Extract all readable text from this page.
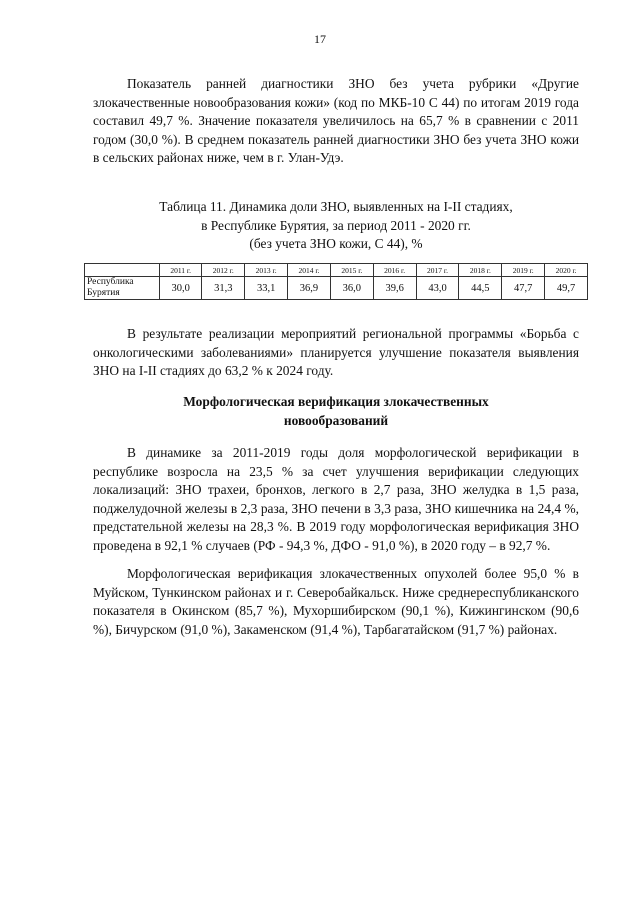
17

Показатель ранней диагностики ЗНО без учета рубрики «Другие злокачественные новообразования кожи» (код по МКБ-10 С 44) по итогам 2019 года составил 49,7 %. Значение показателя увеличилось на 65,7 % в сравнении с 2011 годом (30,0 %). В среднем показатель ранней диагностики ЗНО без учета ЗНО кожи в сельских районах ниже, чем в г. Улан-Удэ.

Таблица 11. Динамика доли ЗНО, выявленных на I-II стадиях,
в Республике Бурятия, за период 2011 - 2020 гг.
(без учета ЗНО кожи, С 44), %
	2011 г.	2012 г.	2013 г.	2014 г.	2015 г.	2016 г.	2017 г.	2018 г.	2019 г.	2020 г.
Республика Бурятия	30,0	31,3	33,1	36,9	36,0	39,6	43,0	44,5	47,7	49,7

В результате реализации мероприятий региональной программы «Борьба с онкологическими заболеваниями» планируется улучшение показателя выявления ЗНО на I-II стадиях до 63,2 % к 2024 году.

Морфологическая верификация злокачественных
новообразований

В динамике за 2011-2019 годы доля морфологической верификации в республике возросла на 23,5 % за счет улучшения верификации следующих локализаций: ЗНО трахеи, бронхов, легкого в 2,7 раза, ЗНО желудка в 1,5 раза, поджелудочной железы в 2,3 раза, ЗНО печени в 3,3 раза, ЗНО кишечника на 24,4 %, предстательной железы на 28,3 %. В 2019 году морфологическая верификация ЗНО проведена в 92,1 % случаев (РФ - 94,3 %, ДФО - 91,0 %), в 2020 году – в 92,7 %.

Морфологическая верификация злокачественных опухолей более 95,0 % в Муйском, Тункинском районах и г. Северобайкальск. Ниже среднереспубликанского показателя в Окинском (85,7 %), Мухоршибирском (90,1 %), Кижингинском (90,6 %), Бичурском (91,0 %), Закаменском (91,4 %), Тарбагатайском (91,7 %) районах.
